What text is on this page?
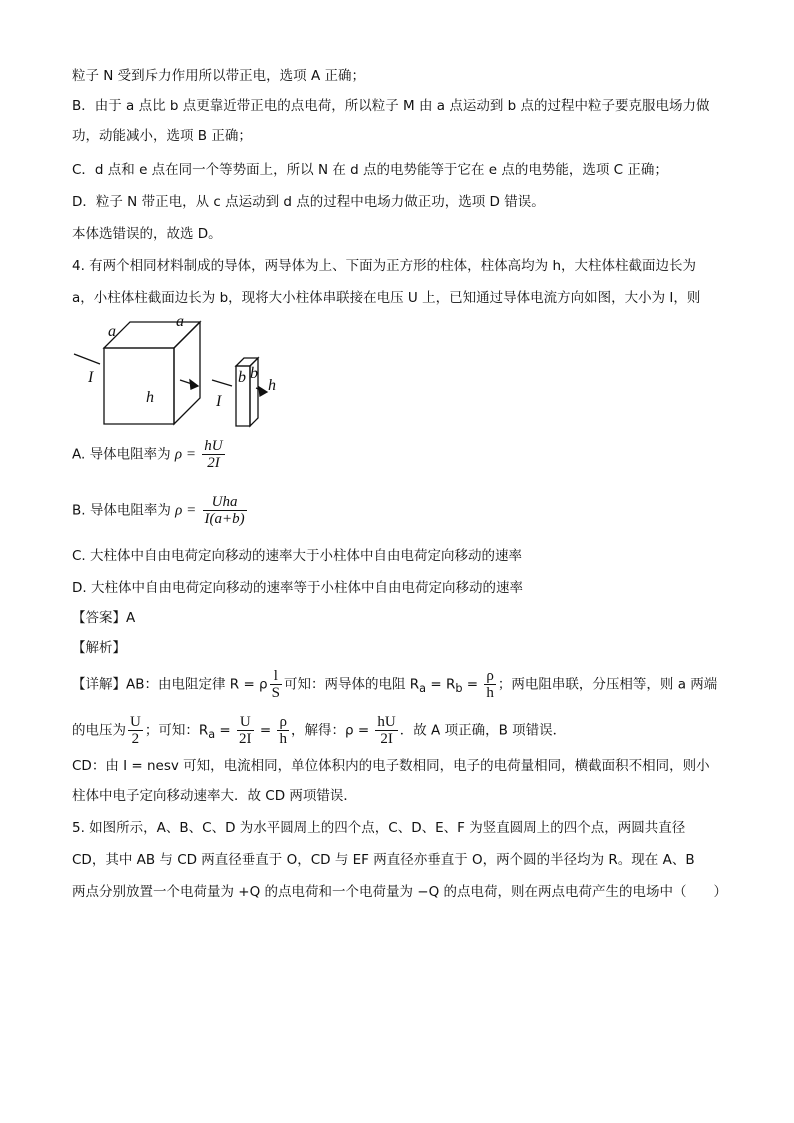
粒子 N 受到斥力作用所以带正电，选项 A 正确；
B．由于 a 点比 b 点更靠近带正电的点电荷，所以粒子 M 由 a 点运动到 b 点的过程中粒子要克服电场力做
功，动能减小，选项 B 正确；
C．d 点和 e 点在同一个等势面上，所以 N 在 d 点的电势能等于它在 e 点的电势能，选项 C 正确；
D．粒子 N 带正电，从 c 点运动到 d 点的过程中电场力做正功，选项 D 错误。
本体选错误的，故选 D。
4. 有两个相同材料制成的导体，两导体为上、下面为正方形的柱体，柱体高均为 h，大柱体柱截面边长为
a，小柱体柱截面边长为 b，现将大小柱体串联接在电压 U 上，已知通过导体电流方向如图，大小为 I，则
a
a
h
I
I
b b
h
A. 导体电阻率为 $\rho = \frac{hU}{2I}$
B. 导体电阻率为 $\rho = \frac{\text{Uha}}{I(a+b)}$
C. 大柱体中自由电荷定向移动的速率大于小柱体中自由电荷定向移动的速率
D. 大柱体中自由电荷定向移动的速率等于小柱体中自由电荷定向移动的速率
【答案】A
【解析】
【详解】AB：由电阻定律 R = ρ $\frac{l}{S}$ 可知：两导体的电阻 $R_a = R_b = \frac{\rho}{h}$ ；两电阻串联，分压相等，则 a 两端
的电压为 $\frac{U}{2}$ ；可知：$R_a = \frac{U}{2I} = \frac{\rho}{h}$ ，解得：$\rho = \frac{hU}{2I}$ ．故 A 项正确，B 项错误．
CD：由 I = nesv 可知，电流相同，单位体积内的电子数相同，电子的电荷量相同，横截面积不相同，则小
柱体中电子定向移动速率大．故 CD 两项错误．
5. 如图所示，A、B、C、D 为水平圆周上的四个点，C、D、E、F 为竖直圆周上的四个点，两圆共直径
CD，其中 AB 与 CD 两直径垂直于 O，CD 与 EF 两直径亦垂直于 O，两个圆的半径均为 R。现在 A、B
两点分别放置一个电荷量为 +Q 的点电荷和一个电荷量为 −Q 的点电荷，则在两点电荷产生的电场中（　　）
